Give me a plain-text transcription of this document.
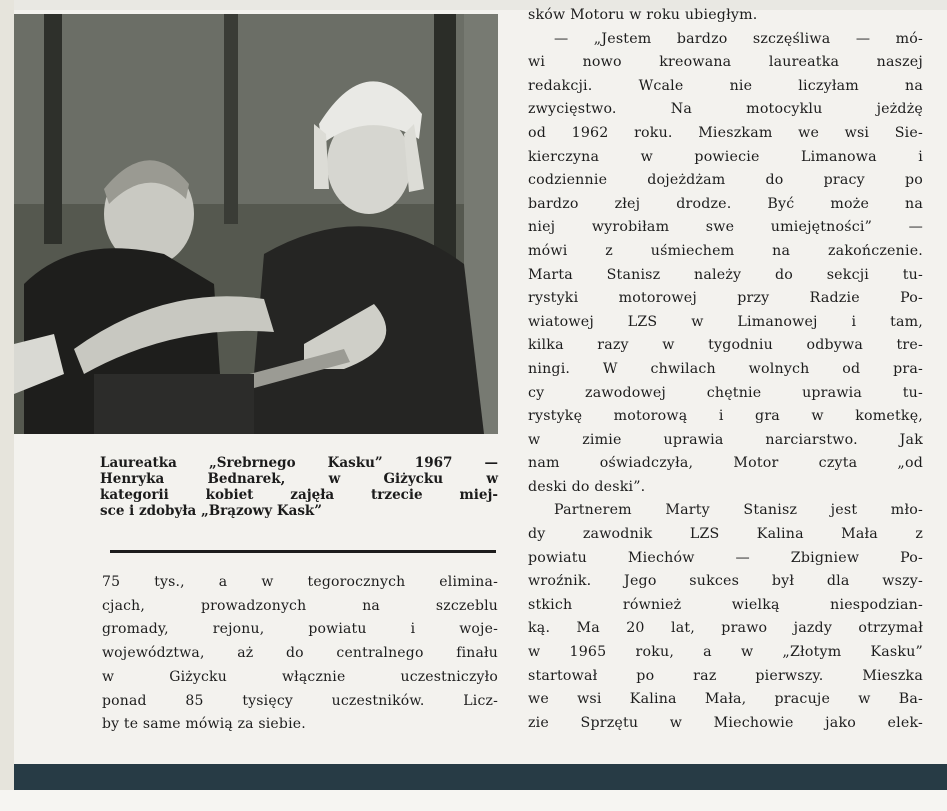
Laureatka „Srebrnego Kasku” 1967 —
Henryka Bednarek, w Giżycku w
kategorii kobiet zajęła trzecie miej-
sce i zdobyła „Brązowy Kask”
75 tys., a w tegorocznych elimina-
cjach, prowadzonych na szczeblu
gromady, rejonu, powiatu i woje-
województwa, aż do centralnego finału
w Giżycku włącznie uczestniczyło
ponad 85 tysięcy uczestników. Licz-
by te same mówią za siebie.
sków Motoru w roku ubiegłym.
— „Jestem bardzo szczęśliwa — mó-
wi nowo kreowana laureatka naszej
redakcji. Wcale nie liczyłam na
zwycięstwo. Na motocyklu jeżdżę
od 1962 roku. Mieszkam we wsi Sie-
kierczyna w powiecie Limanowa i
codziennie dojeżdżam do pracy po
bardzo złej drodze. Być może na
niej wyrobiłam swe umiejętności” —
mówi z uśmiechem na zakończenie.
Marta Stanisz należy do sekcji tu-
rystyki motorowej przy Radzie Po-
wiatowej LZS w Limanowej i tam,
kilka razy w tygodniu odbywa tre-
ningi. W chwilach wolnych od pra-
cy zawodowej chętnie uprawia tu-
rystykę motorową i gra w kometkę,
w zimie uprawia narciarstwo. Jak
nam oświadczyła, Motor czyta „od
deski do deski”.
Partnerem Marty Stanisz jest mło-
dy zawodnik LZS Kalina Mała z
powiatu Miechów — Zbigniew Po-
wroźnik. Jego sukces był dla wszy-
stkich również wielką niespodzian-
ką. Ma 20 lat, prawo jazdy otrzymał
w 1965 roku, a w „Złotym Kasku”
startował po raz pierwszy. Mieszka
we wsi Kalina Mała, pracuje w Ba-
zie Sprzętu w Miechowie jako elek-
